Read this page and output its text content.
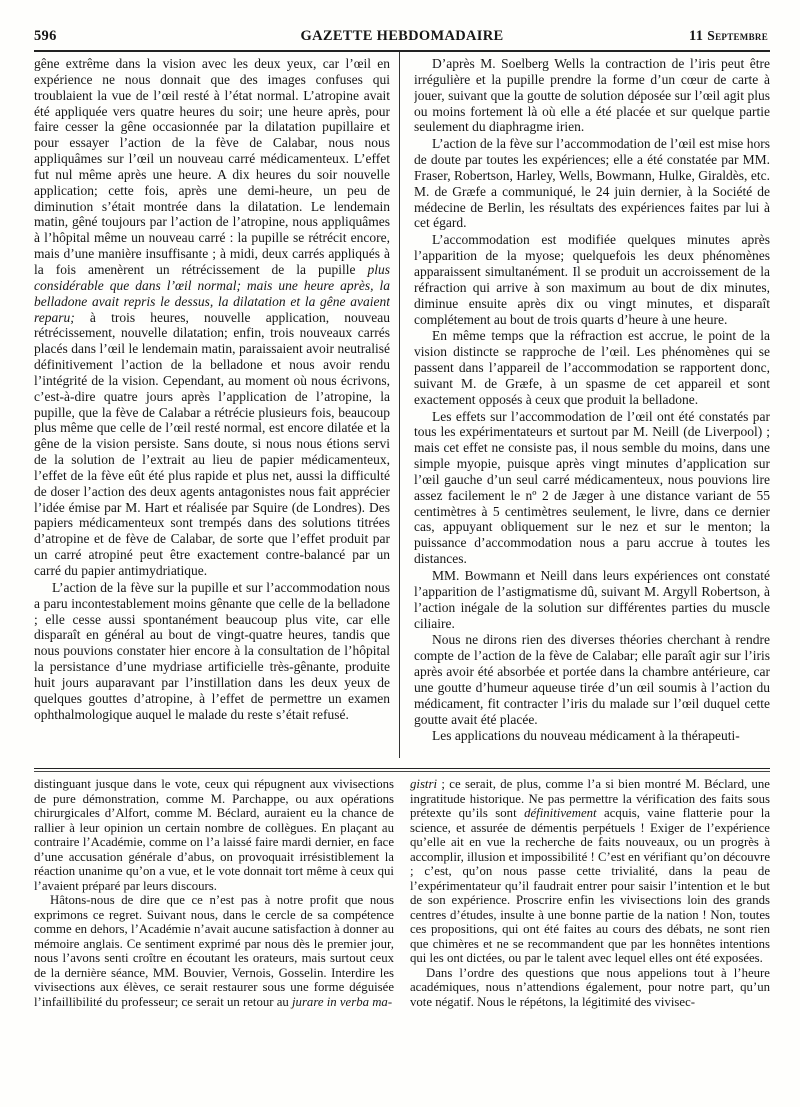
596	GAZETTE HEBDOMADAIRE	11 Septembre

gêne extrême dans la vision avec les deux yeux, car l’œil en expérience ne nous donnait que des images confuses qui troublaient la vue de l’œil resté à l’état normal. L’atropine avait été appliquée vers quatre heures du soir; une heure après, pour faire cesser la gêne occasionnée par la dilatation pupillaire et pour essayer l’action de la fève de Calabar, nous nous appliquâmes sur l’œil un nouveau carré médicamenteux. L’effet fut nul même après une heure. A dix heures du soir nouvelle application; cette fois, après une demi-heure, un peu de diminution s’était montrée dans la dilatation. Le lendemain matin, gêné toujours par l’action de l’atropine, nous appliquâmes à l’hôpital même un nouveau carré : la pupille se rétrécit encore, mais d’une manière insuffisante ; à midi, deux carrés appliqués à la fois amenèrent un rétrécissement de la pupille plus considérable que dans l’œil normal; mais une heure après, la belladone avait repris le dessus, la dilatation et la gêne avaient reparu; à trois heures, nouvelle application, nouveau rétrécissement, nouvelle dilatation; enfin, trois nouveaux carrés placés dans l’œil le lendemain matin, paraissaient avoir neutralisé définitivement l’action de la belladone et nous avoir rendu l’intégrité de la vision. Cependant, au moment où nous écrivons, c’est-à-dire quatre jours après l’application de l’atropine, la pupille, que la fève de Calabar a rétrécie plusieurs fois, beaucoup plus même que celle de l’œil resté normal, est encore dilatée et la gêne de la vision persiste. Sans doute, si nous nous étions servi de la solution de l’extrait au lieu de papier médicamenteux, l’effet de la fève eût été plus rapide et plus net, aussi la difficulté de doser l’action des deux agents antagonistes nous fait apprécier l’idée émise par M. Hart et réalisée par Squire (de Londres). Des papiers médicamenteux sont trempés dans des solutions titrées d’atropine et de fève de Calabar, de sorte que l’effet produit par un carré atropiné peut être exactement contre-balancé par un carré du papier antimydriatique.

L’action de la fève sur la pupille et sur l’accommodation nous a paru incontestablement moins gênante que celle de la belladone ; elle cesse aussi spontanément beaucoup plus vite, car elle disparaît en général au bout de vingt-quatre heures, tandis que nous pouvions constater hier encore à la consultation de l’hôpital la persistance d’une mydriase artificielle très-gênante, produite huit jours auparavant par l’instillation dans les deux yeux de quelques gouttes d’atropine, à l’effet de permettre un examen ophthalmologique auquel le malade du reste s’était refusé.

D’après M. Soelberg Wells la contraction de l’iris peut être irrégulière et la pupille prendre la forme d’un cœur de carte à jouer, suivant que la goutte de solution déposée sur l’œil agit plus ou moins fortement là où elle a été placée et sur quelque partie seulement du diaphragme irien.

L’action de la fève sur l’accommodation de l’œil est mise hors de doute par toutes les expériences; elle a été constatée par MM. Fraser, Robertson, Harley, Wells, Bowmann, Hulke, Giraldès, etc. M. de Græfe a communiqué, le 24 juin dernier, à la Société de médecine de Berlin, les résultats des expériences faites par lui à cet égard.

L’accommodation est modifiée quelques minutes après l’apparition de la myose; quelquefois les deux phénomènes apparaissent simultanément. Il se produit un accroissement de la réfraction qui arrive à son maximum au bout de dix minutes, diminue ensuite après dix ou vingt minutes, et disparaît complétement au bout de trois quarts d’heure à une heure.

En même temps que la réfraction est accrue, le point de la vision distincte se rapproche de l’œil. Les phénomènes qui se passent dans l’appareil de l’accommodation se rapportent donc, suivant M. de Græfe, à un spasme de cet appareil et sont exactement opposés à ceux que produit la belladone.

Les effets sur l’accommodation de l’œil ont été constatés par tous les expérimentateurs et surtout par M. Neill (de Liverpool) ; mais cet effet ne consiste pas, il nous semble du moins, dans une simple myopie, puisque après vingt minutes d’application sur l’œil gauche d’un seul carré médicamenteux, nous pouvions lire assez facilement le nº 2 de Jæger à une distance variant de 55 centimètres à 5 centimètres seulement, le livre, dans ce dernier cas, appuyant obliquement sur le nez et sur le menton; la puissance d’accommodation nous a paru accrue à toutes les distances.

MM. Bowmann et Neill dans leurs expériences ont constaté l’apparition de l’astigmatisme dû, suivant M. Argyll Robertson, à l’action inégale de la solution sur différentes parties du muscle ciliaire.

Nous ne dirons rien des diverses théories cherchant à rendre compte de l’action de la fève de Calabar; elle paraît agir sur l’iris après avoir été absorbée et portée dans la chambre antérieure, car une goutte d’humeur aqueuse tirée d’un œil soumis à l’action du médicament, fit contracter l’iris du malade sur l’œil duquel cette goutte avait été placée.

Les applications du nouveau médicament à la thérapeuti-

distinguant jusque dans le vote, ceux qui répugnent aux vivisections de pure démonstration, comme M. Parchappe, ou aux opérations chirurgicales d’Alfort, comme M. Béclard, auraient eu la chance de rallier à leur opinion un certain nombre de collègues. En plaçant au contraire l’Académie, comme on l’a laissé faire mardi dernier, en face d’une accusation générale d’abus, on provoquait irrésistiblement la réaction unanime qu’on a vue, et le vote donnait tort même à ceux qui l’avaient préparé par leurs discours.

Hâtons-nous de dire que ce n’est pas à notre profit que nous exprimons ce regret. Suivant nous, dans le cercle de sa compétence comme en dehors, l’Académie n’avait aucune satisfaction à donner au mémoire anglais. Ce sentiment exprimé par nous dès le premier jour, nous l’avons senti croître en écoutant les orateurs, mais surtout ceux de la dernière séance, MM. Bouvier, Vernois, Gosselin. Interdire les vivisections aux élèves, ce serait restaurer sous une forme déguisée l’infaillibilité du professeur; ce serait un retour au jurare in verba ma-

gistri ; ce serait, de plus, comme l’a si bien montré M. Béclard, une ingratitude historique. Ne pas permettre la vérification des faits sous prétexte qu’ils sont définitivement acquis, vaine flatterie pour la science, et assurée de démentis perpétuels ! Exiger de l’expérience qu’elle ait en vue la recherche de faits nouveaux, ou un progrès à accomplir, illusion et impossibilité ! C’est en vérifiant qu’on découvre ; c’est, qu’on nous passe cette trivialité, dans la peau de l’expérimentateur qu’il faudrait entrer pour saisir l’intention et le but de son expérience. Proscrire enfin les vivisections loin des grands centres d’études, insulte à une bonne partie de la nation ! Non, toutes ces propositions, qui ont été faites au cours des débats, ne sont rien que chimères et ne se recommandent que par les honnêtes intentions qui les ont dictées, ou par le talent avec lequel elles ont été exposées.

Dans l’ordre des questions que nous appelions tout à l’heure académiques, nous n’attendions également, pour notre part, qu’un vote négatif. Nous le répétons, la légitimité des vivisec-
